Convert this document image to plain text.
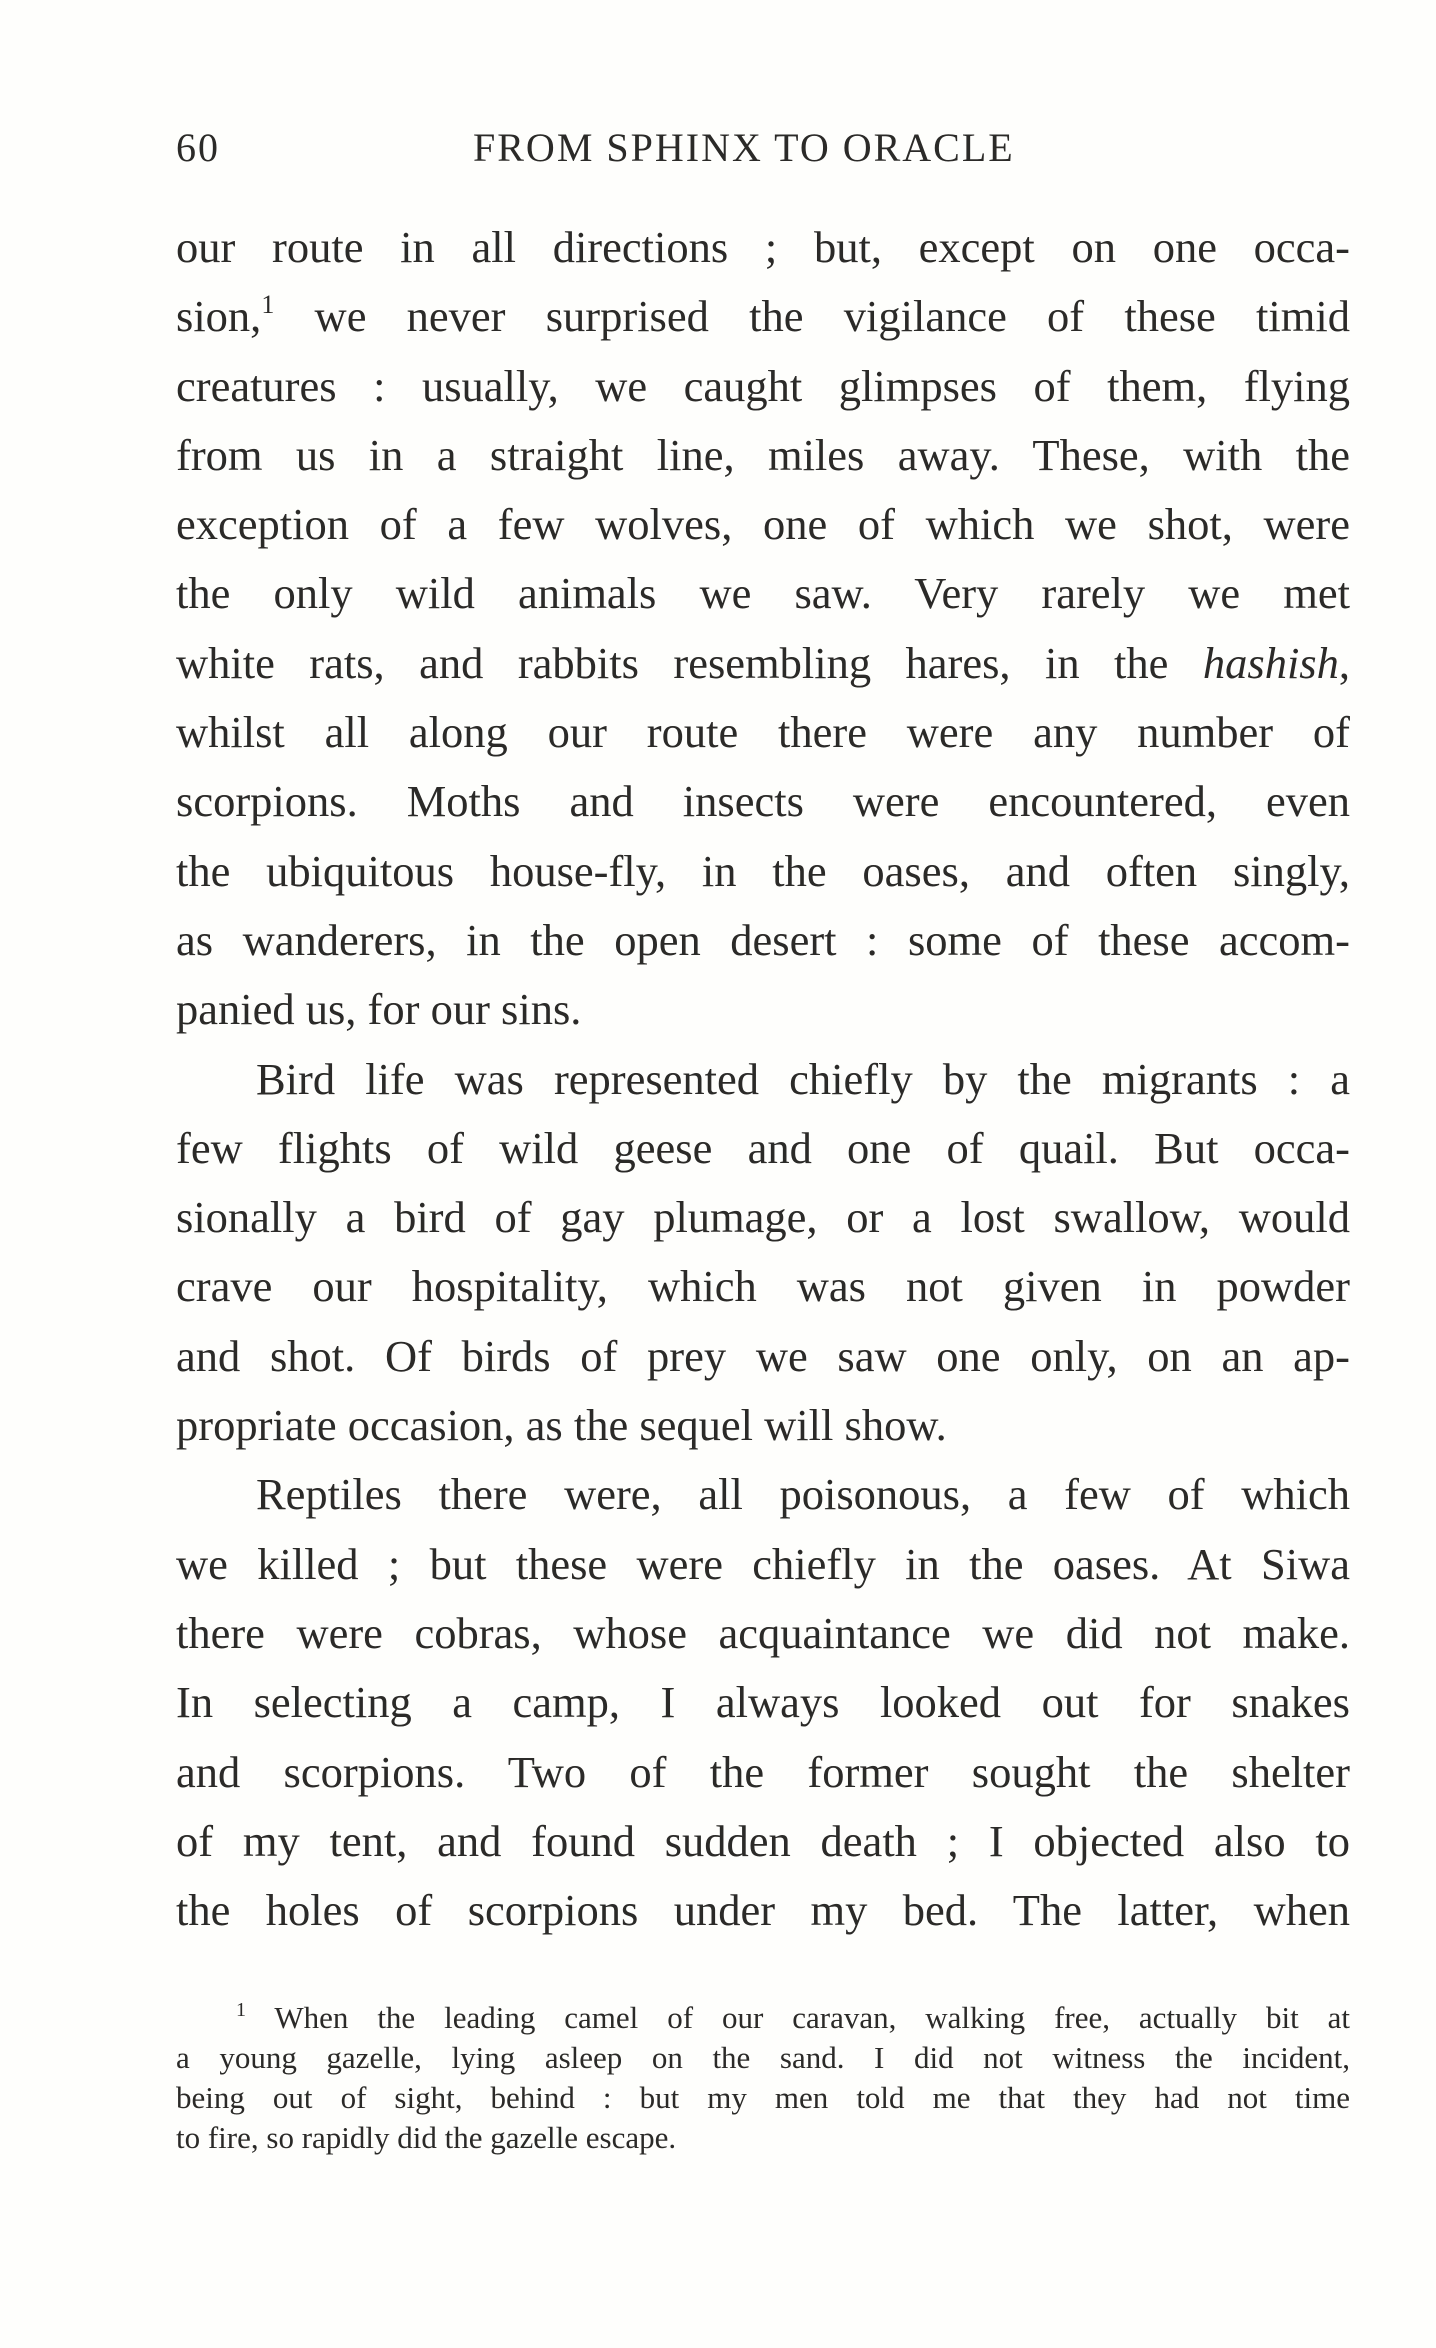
60	FROM SPHINX TO ORACLE
our route in all directions ; but, except on one occa-
sion,$^1$ we never surprised the vigilance of these timid
creatures : usually, we caught glimpses of them, flying
from us in a straight line, miles away. These, with the
exception of a few wolves, one of which we shot, were
the only wild animals we saw. Very rarely we met
white rats, and rabbits resembling hares, in the hashish,
whilst all along our route there were any number of
scorpions. Moths and insects were encountered, even
the ubiquitous house-fly, in the oases, and often singly,
as wanderers, in the open desert : some of these accom-
panied us, for our sins.
Bird life was represented chiefly by the migrants : a
few flights of wild geese and one of quail. But occa-
sionally a bird of gay plumage, or a lost swallow, would
crave our hospitality, which was not given in powder
and shot. Of birds of prey we saw one only, on an ap-
propriate occasion, as the sequel will show.
Reptiles there were, all poisonous, a few of which
we killed ; but these were chiefly in the oases. At Siwa
there were cobras, whose acquaintance we did not make.
In selecting a camp, I always looked out for snakes
and scorpions. Two of the former sought the shelter
of my tent, and found sudden death ; I objected also to
the holes of scorpions under my bed. The latter, when
$^1$ When the leading camel of our caravan, walking free, actually bit at
a young gazelle, lying asleep on the sand. I did not witness the incident,
being out of sight, behind : but my men told me that they had not time
to fire, so rapidly did the gazelle escape.
